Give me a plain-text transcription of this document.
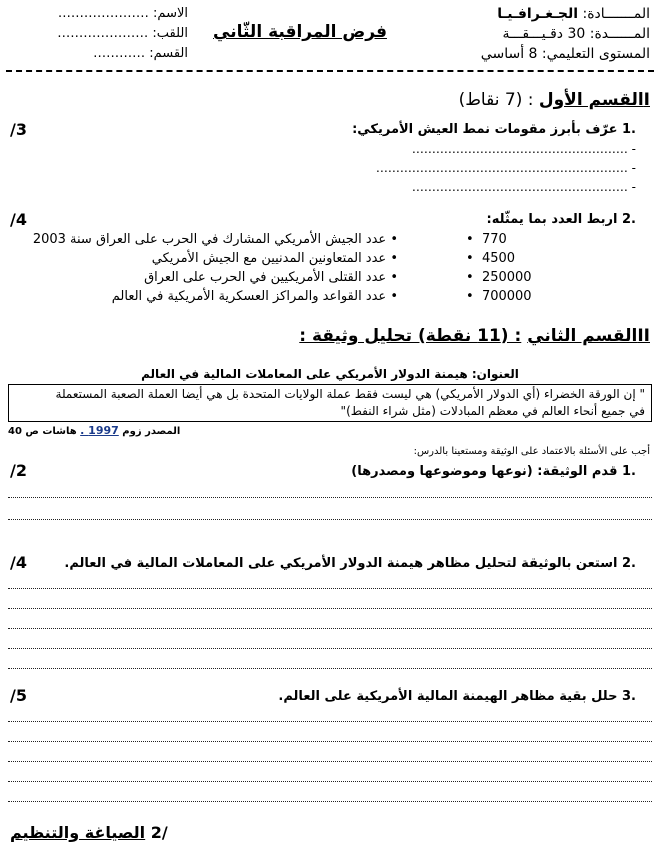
المـــــــادة: الجـغـرافـيـا
المــــــدة: 30 دقـيـــقـــة
المستوى التعليمي: 8 أساسي
فرض المراقبة الثّاني
الاسم: …………………
اللقب: …………………
القسم: …………
Iالقسم الأول : (7 نقاط)
.1 عرّف بأبرز مقومات نمط العيش الأمريكي:
/3
- ………………………………………………
- ………………………………………………………
- ………………………………………………
.2 اربط العدد بما يمثّله:
/4
•  770
•  4500
•  250000
•  700000
• عدد الجيش الأمريكي المشارك في الحرب على العراق سنة 2003
• عدد المتعاونين المدنيين مع الجيش الأمريكي
• عدد القتلى الأمريكيين في الحرب على العراق
• عدد القواعد والمراكز العسكرية الأمريكية في العالم
IIالقسم الثاني : (11 نقطة) تحليل وثيقة :
العنوان: هيمنة الدولار الأمريكي على المعاملات المالية في العالم
" إن الورقة الخضراء (أي الدولار الأمريكي) هي ليست فقط عملة الولايات المتحدة بل هي أيضا العملة الصعبة المستعملة
في جميع أنحاء العالم في معظم المبادلات (مثل شراء النفط)"
المصدر زوم 1997 . هاشات ص 40
أجب على الأسئلة بالاعتماد على الوثيقة ومستعينا بالدرس:
.1 قدم الوثيقة: (نوعها وموضوعها ومصدرها)
/2
.2 استعن بالوثيقة لتحليل مظاهر هيمنة الدولار الأمريكي على المعاملات المالية في العالم.
/4
.3 حلل بقية مظاهر الهيمنة المالية الأمريكية على العالم.
/5
/2 الصياغة والتنظيم
